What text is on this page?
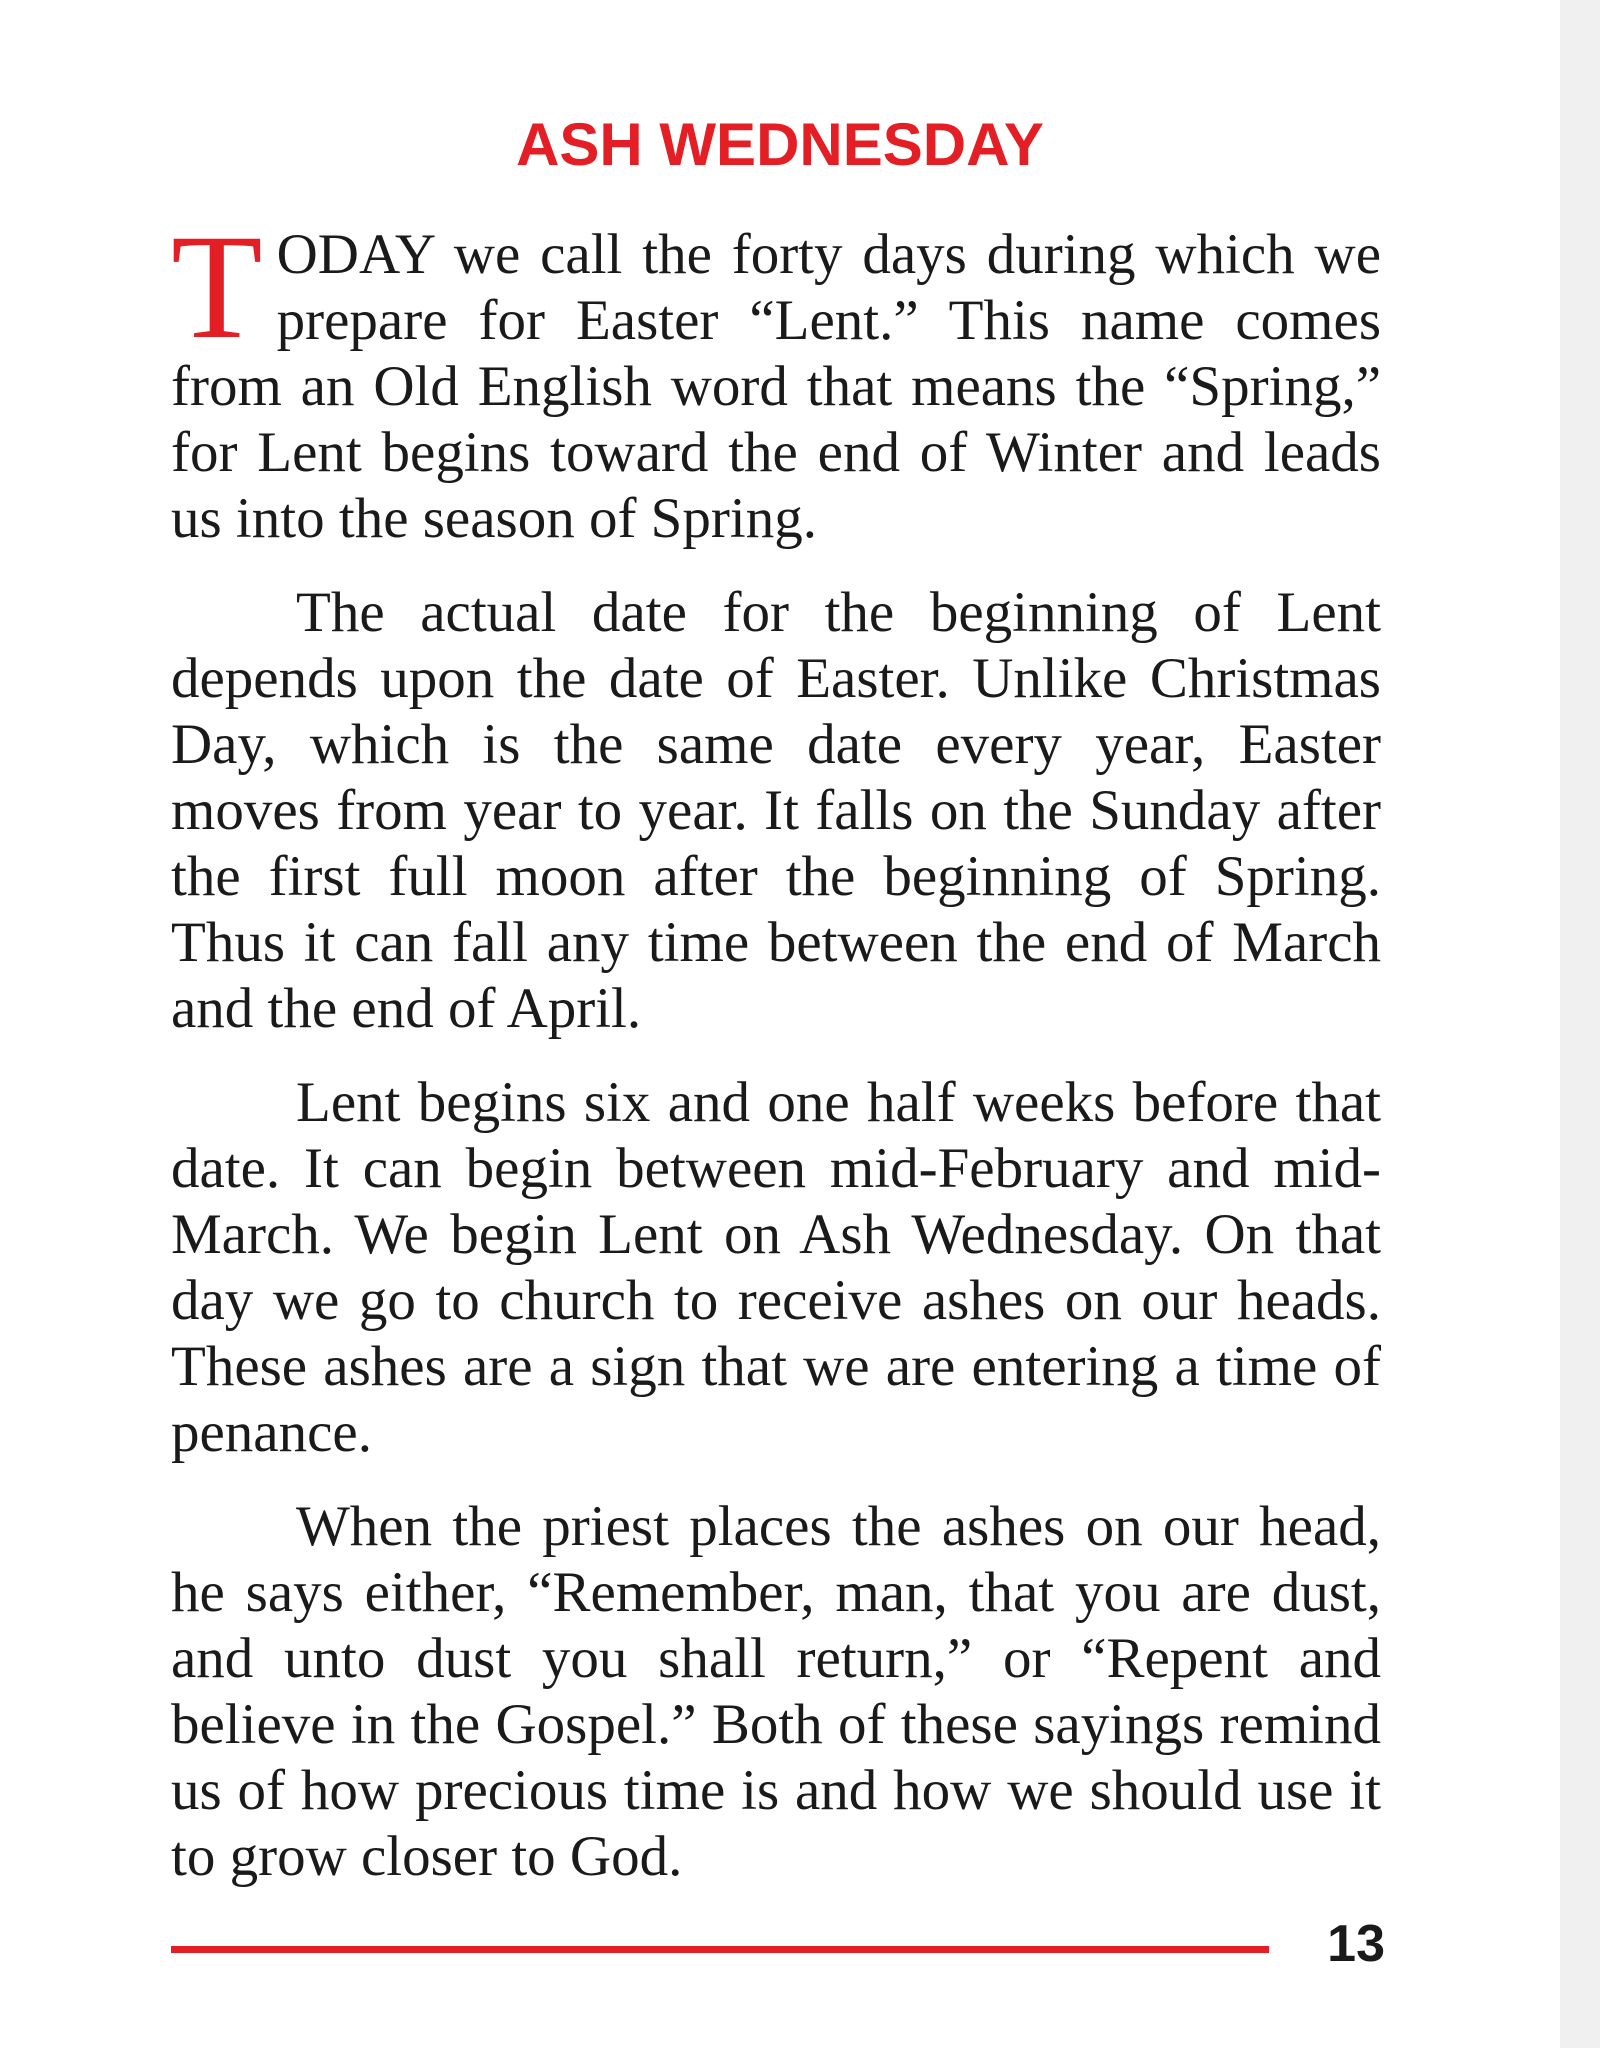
ASH WEDNESDAY

TODAY we call the forty days during which we prepare for Easter “Lent.” This name comes from an Old English word that means the “Spring,” for Lent begins toward the end of Winter and leads us into the season of Spring.

The actual date for the beginning of Lent depends upon the date of Easter. Unlike Christmas Day, which is the same date every year, Easter moves from year to year. It falls on the Sunday after the first full moon after the beginning of Spring. Thus it can fall any time between the end of March and the end of April.

Lent begins six and one half weeks before that date. It can begin between mid-February and mid-March. We begin Lent on Ash Wednesday. On that day we go to church to receive ashes on our heads. These ashes are a sign that we are entering a time of penance.

When the priest places the ashes on our head, he says either, “Remember, man, that you are dust, and unto dust you shall return,” or “Repent and believe in the Gospel.” Both of these sayings remind us of how precious time is and how we should use it to grow closer to God.

13
